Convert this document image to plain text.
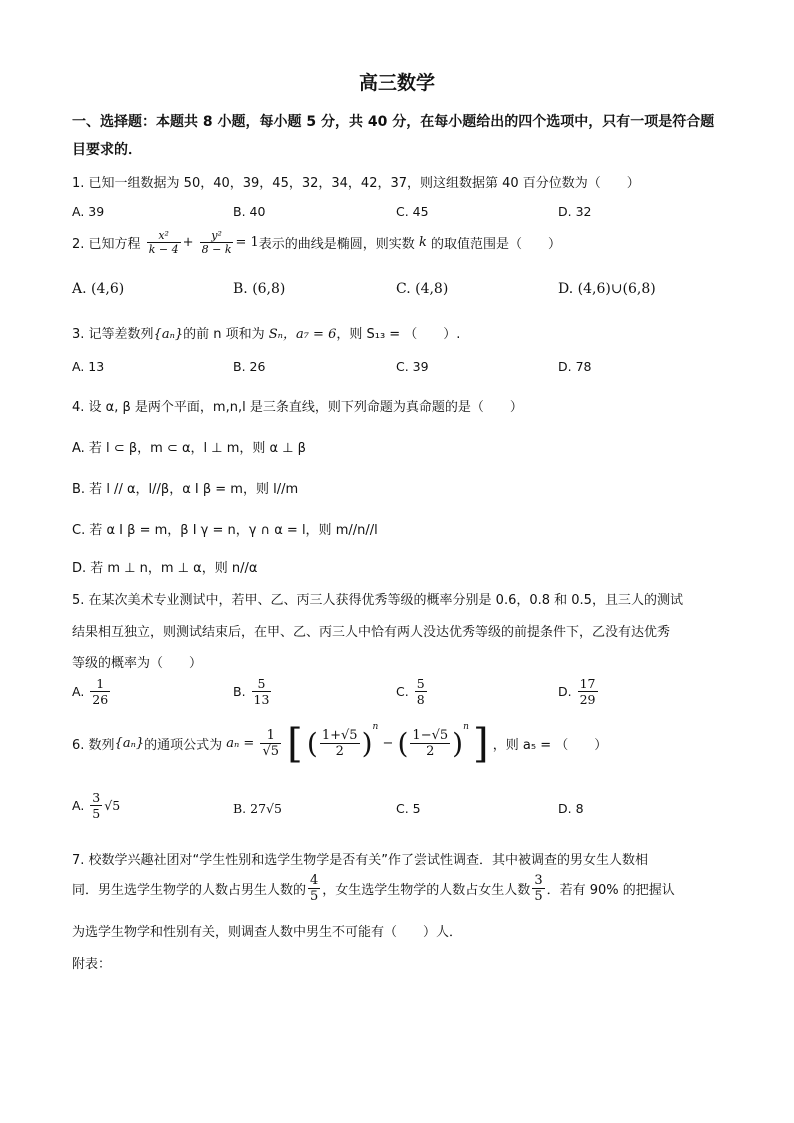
高三数学
一、选择题：本题共 8 小题，每小题 5 分，共 40 分，在每小题给出的四个选项中，只有一项是符合题目要求的．
1. 已知一组数据为 50，40，39，45，32，34，42，37，则这组数据第 40 百分位数为（　　）
A. 39	B. 40	C. 45	D. 32
2. 已知方程 $\frac{\text{x²}}{k - 4} + \frac{\text{y²}}{8 - k} = 1$表示的曲线是椭圆，则实数 k 的取值范围是（　　）
A. (4,6)	B. (6,8)	C. (4,8)	D. (4,6)∪(6,8)
3. 记等差数列{aₙ}的前 n 项和为 Sₙ，a₇ = 6，则 S₁₃ = （　　）.
A. 13	B. 26	C. 39	D. 78
4. 设 α, β 是两个平面，m,n,l 是三条直线，则下列命题为真命题的是（　　）
A. 若 l ⊂ β，m ⊂ α，l ⊥ m，则 α ⊥ β
B. 若 l // α，l//β，α I β = m，则 l//m
C. 若 α I β = m，β I γ = n，γ ∩ α = l，则 m//n//l
D. 若 m ⊥ n，m ⊥ α，则 n//α
5. 在某次美术专业测试中，若甲、乙、丙三人获得优秀等级的概率分别是 0.6，0.8 和 0.5，且三人的测试
结果相互独立，则测试结束后，在甲、乙、丙三人中恰有两人没达优秀等级的前提条件下，乙没有达优秀
等级的概率为（　　）
A. $\frac{1}{26}$	B. $\frac{5}{13}$	C. $\frac{5}{8}$	D. $\frac{17}{29}$
6. 数列{aₙ}的通项公式为 $a_n = \frac{1}{√5}$ [ ( $\frac{1+√5}{2} )^n$ − ( $\frac{1-√5}{2} )^n$ ] ，则 a₅ = （　　）
A. $\frac{3}{5} √5$	B. 27√5	C. 5	D. 8
7. 校数学兴趣社团对“学生性别和选学生物学是否有关”作了尝试性调查．其中被调查的男女生人数相
同．男生选学生物学的人数占男生人数的 $\frac{4}{5}$ ，女生选学生物学的人数占女生人数 $\frac{3}{5}$ ．若有 90% 的把握认
为选学生物学和性别有关，则调查人数中男生不可能有（　　）人．
附表：
